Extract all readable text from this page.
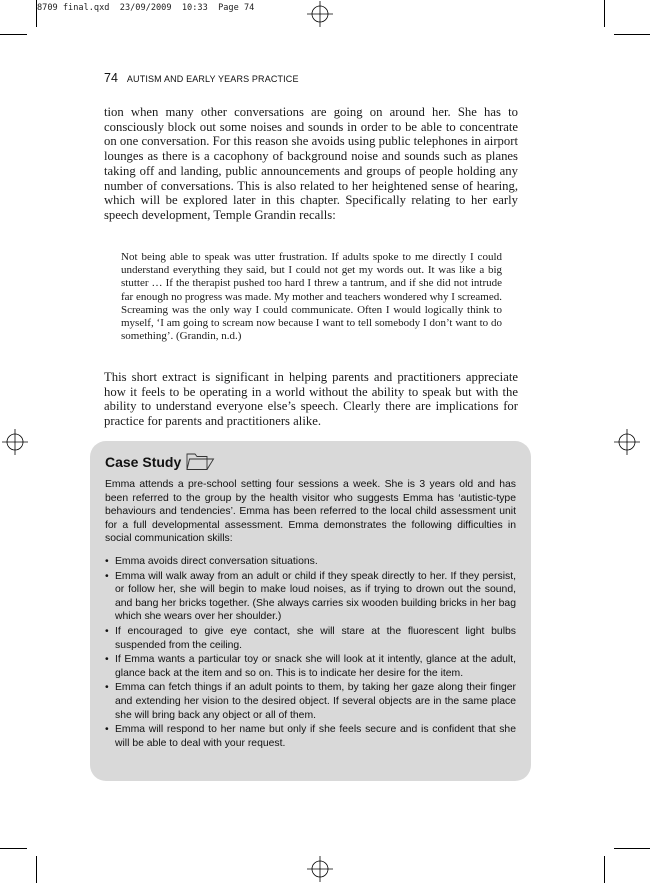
8709 final.qxd  23/09/2009  10:33  Page 74
74 AUTISM AND EARLY YEARS PRACTICE

tion when many other conversations are going on around her. She has to consciously block out some noises and sounds in order to be able to concentrate on one conversation. For this reason she avoids using public telephones in airport lounges as there is a cacophony of background noise and sounds such as planes taking off and landing, public announcements and groups of people holding any number of conversations. This is also related to her heightened sense of hearing, which will be explored later in this chapter. Specifically relating to her early speech development, Temple Grandin recalls:

Not being able to speak was utter frustration. If adults spoke to me directly I could understand everything they said, but I could not get my words out. It was like a big stutter … If the therapist pushed too hard I threw a tantrum, and if she did not intrude far enough no progress was made. My mother and teachers wondered why I screamed. Screaming was the only way I could communicate. Often I would logically think to myself, ‘I am going to scream now because I want to tell somebody I don’t want to do something’. (Grandin, n.d.)

This short extract is significant in helping parents and practitioners appreciate how it feels to be operating in a world without the ability to speak but with the ability to understand everyone else’s speech. Clearly there are implications for practice for parents and practitioners alike.

Case Study

Emma attends a pre-school setting four sessions a week. She is 3 years old and has been referred to the group by the health visitor who suggests Emma has ‘autistic-type behaviours and tendencies’. Emma has been referred to the local child assessment unit for a full developmental assessment. Emma demonstrates the following difficulties in social communication skills:

• Emma avoids direct conversation situations.
• Emma will walk away from an adult or child if they speak directly to her. If they persist, or follow her, she will begin to make loud noises, as if trying to drown out the sound, and bang her bricks together. (She always carries six wooden building bricks in her bag which she wears over her shoulder.)
• If encouraged to give eye contact, she will stare at the fluorescent light bulbs suspended from the ceiling.
• If Emma wants a particular toy or snack she will look at it intently, glance at the adult, glance back at the item and so on. This is to indicate her desire for the item.
• Emma can fetch things if an adult points to them, by taking her gaze along their finger and extending her vision to the desired object. If several objects are in the same place she will bring back any object or all of them.
• Emma will respond to her name but only if she feels secure and is confident that she will be able to deal with your request.
